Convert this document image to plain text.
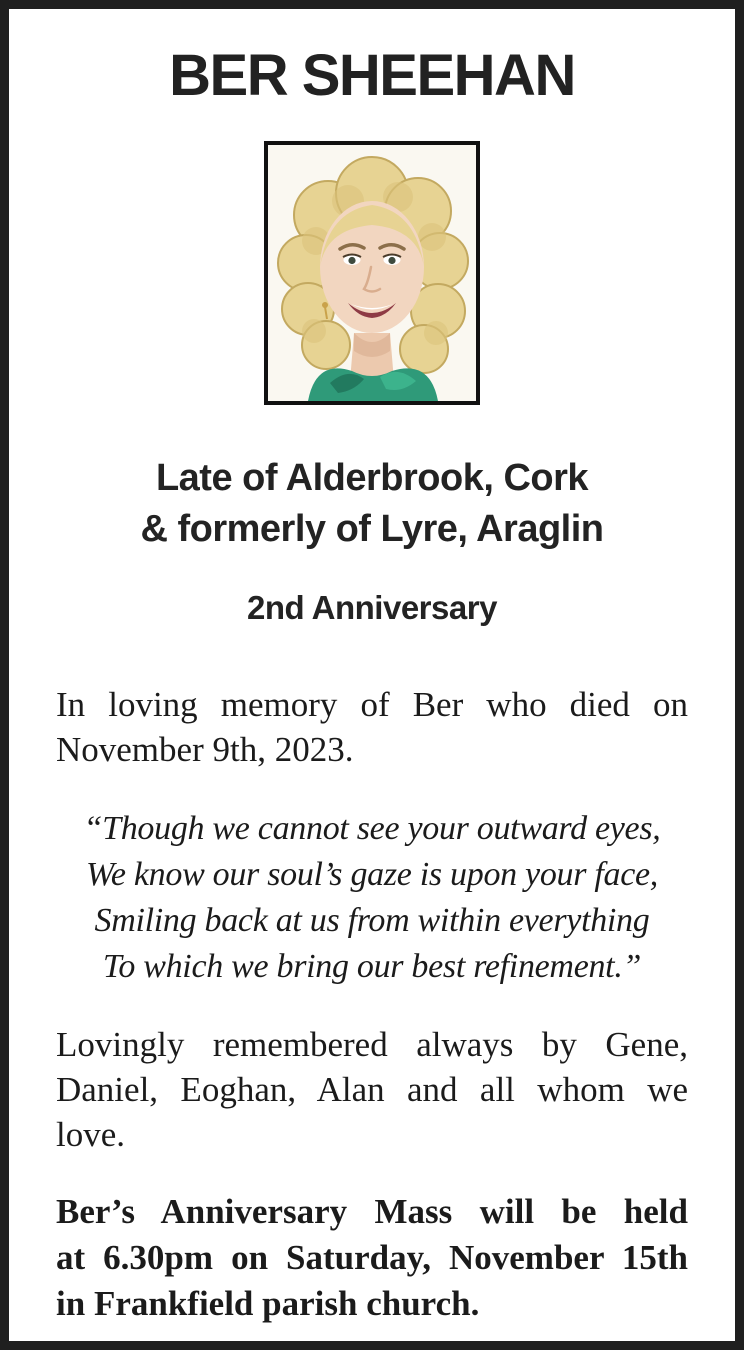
BER SHEEHAN
Late of Alderbrook, Cork
& formerly of Lyre, Araglin
2nd Anniversary
In loving memory of Ber who died on
November 9th, 2023.
“Though we cannot see your outward eyes,
We know our soul’s gaze is upon your face,
Smiling back at us from within everything
To which we bring our best refinement.”
Lovingly remembered always by Gene,
Daniel, Eoghan, Alan and all whom we
love.
Ber’s Anniversary Mass will be held
at 6.30pm on Saturday, November 15th
in Frankfield parish church.
